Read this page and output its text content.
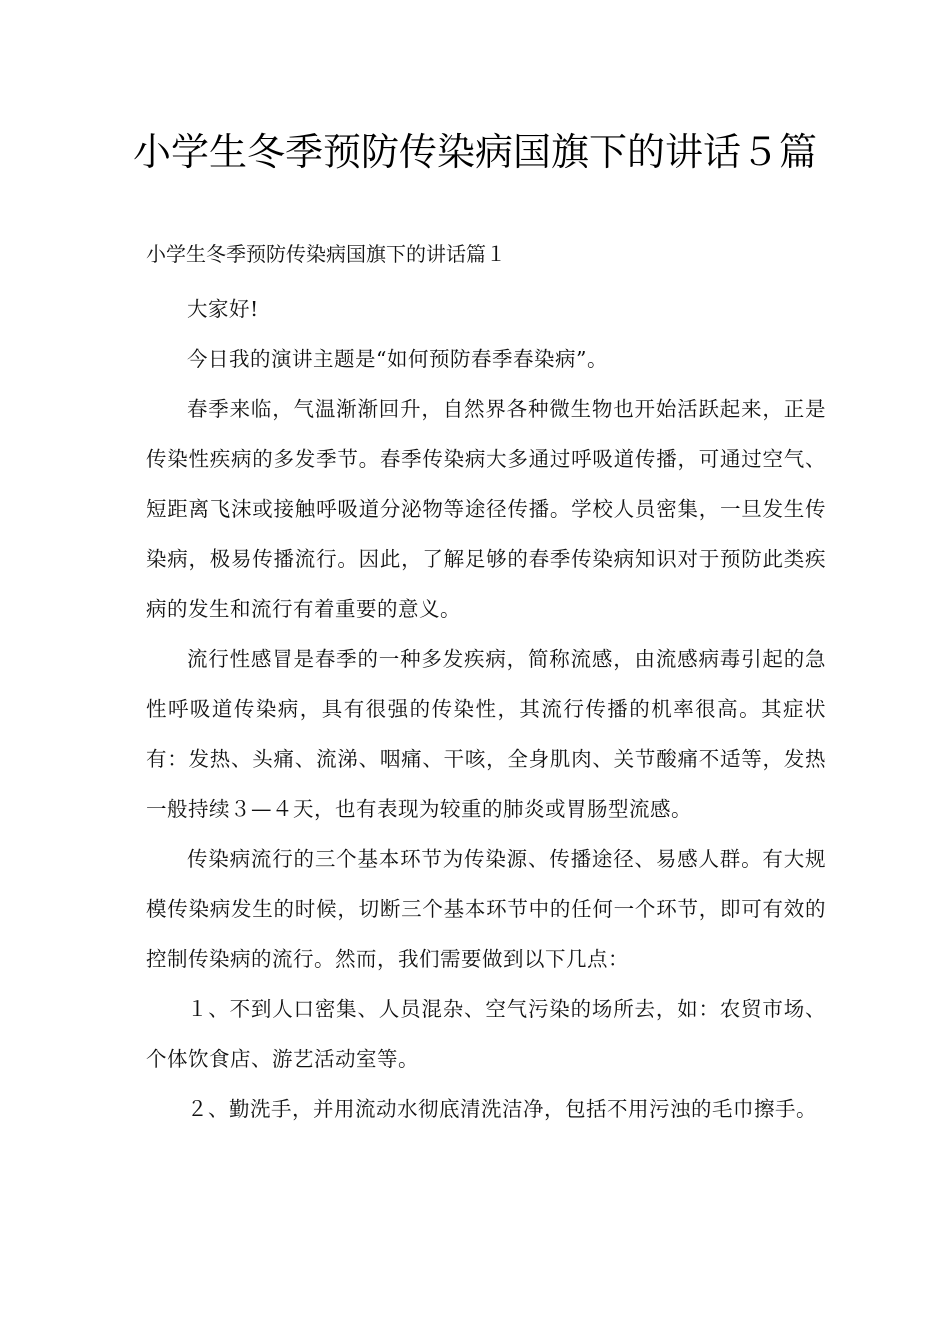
小学生冬季预防传染病国旗下的讲话５篇

小学生冬季预防传染病国旗下的讲话篇１

大家好!

今日我的演讲主题是“如何预防春季春染病”。

春季来临，气温渐渐回升，自然界各种微生物也开始活跃起来，正是传染性疾病的多发季节。春季传染病大多通过呼吸道传播，可通过空气、短距离飞沫或接触呼吸道分泌物等途径传播。学校人员密集，一旦发生传染病，极易传播流行。因此，了解足够的春季传染病知识对于预防此类疾病的发生和流行有着重要的意义。

流行性感冒是春季的一种多发疾病，简称流感，由流感病毒引起的急性呼吸道传染病，具有很强的传染性，其流行传播的机率很高。其症状有：发热、头痛、流涕、咽痛、干咳，全身肌肉、关节酸痛不适等，发热一般持续３—４天，也有表现为较重的肺炎或胃肠型流感。

传染病流行的三个基本环节为传染源、传播途径、易感人群。有大规模传染病发生的时候，切断三个基本环节中的任何一个环节，即可有效的控制传染病的流行。然而，我们需要做到以下几点：

１、不到人口密集、人员混杂、空气污染的场所去，如：农贸市场、个体饮食店、游艺活动室等。

２、勤洗手，并用流动水彻底清洗洁净，包括不用污浊的毛巾擦手。
